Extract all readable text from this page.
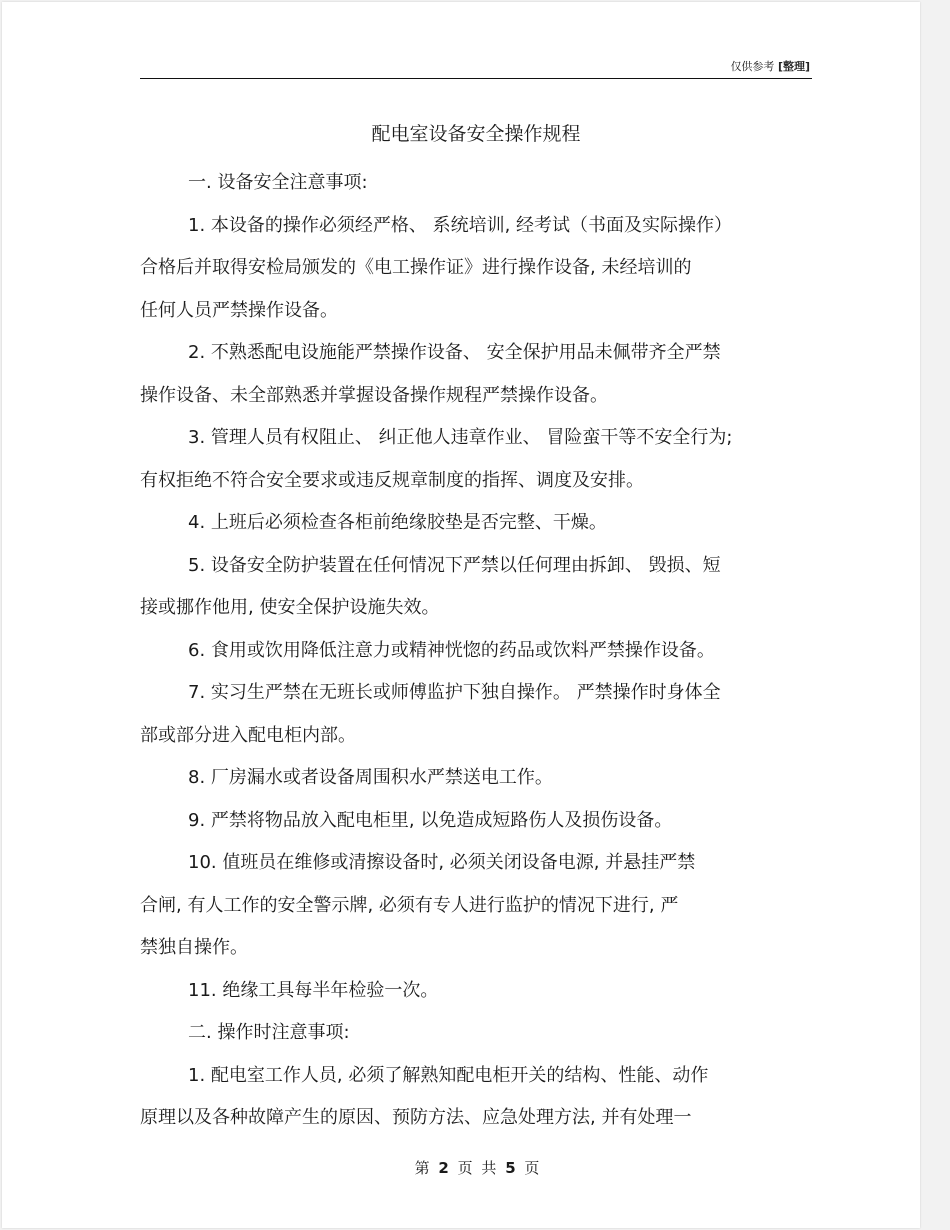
仅供参考 [整理]
配电室设备安全操作规程

一. 设备安全注意事项:

1. 本设备的操作必须经严格、 系统培训, 经考试（书面及实际操作）

合格后并取得安检局颁发的《电工操作证》进行操作设备, 未经培训的

任何人员严禁操作设备。

2. 不熟悉配电设施能严禁操作设备、 安全保护用品未佩带齐全严禁

操作设备、未全部熟悉并掌握设备操作规程严禁操作设备。

3. 管理人员有权阻止、 纠正他人违章作业、 冒险蛮干等不安全行为;

有权拒绝不符合安全要求或违反规章制度的指挥、调度及安排。

4. 上班后必须检查各柜前绝缘胶垫是否完整、干燥。

5. 设备安全防护装置在任何情况下严禁以任何理由拆卸、 毁损、短

接或挪作他用, 使安全保护设施失效。

6. 食用或饮用降低注意力或精神恍惚的药品或饮料严禁操作设备。

7. 实习生严禁在无班长或师傅监护下独自操作。 严禁操作时身体全

部或部分进入配电柜内部。

8. 厂房漏水或者设备周围积水严禁送电工作。

9. 严禁将物品放入配电柜里, 以免造成短路伤人及损伤设备。

10. 值班员在维修或清擦设备时, 必须关闭设备电源, 并悬挂严禁

合闸, 有人工作的安全警示牌, 必须有专人进行监护的情况下进行, 严

禁独自操作。

11. 绝缘工具每半年检验一次。

二. 操作时注意事项:

1. 配电室工作人员, 必须了解熟知配电柜开关的结构、性能、动作

原理以及各种故障产生的原因、预防方法、应急处理方法, 并有处理一

第 2 页 共 5 页
